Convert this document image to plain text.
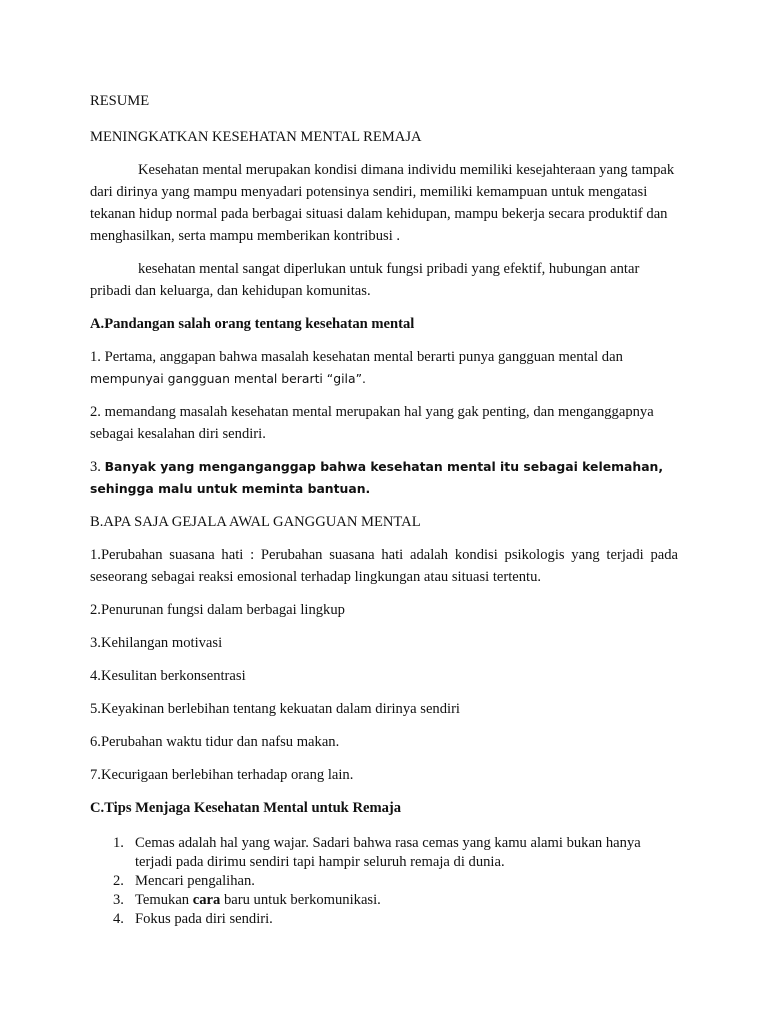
RESUME

MENINGKATKAN KESEHATAN MENTAL REMAJA

Kesehatan mental merupakan kondisi dimana individu memiliki kesejahteraan yang tampak dari dirinya yang mampu menyadari potensinya sendiri, memiliki kemampuan untuk mengatasi tekanan hidup normal pada berbagai situasi dalam kehidupan, mampu bekerja secara produktif dan menghasilkan, serta mampu memberikan kontribusi .

kesehatan mental sangat diperlukan untuk fungsi pribadi yang efektif, hubungan antar pribadi dan keluarga, dan kehidupan komunitas.

A.Pandangan salah orang tentang kesehatan mental

1. Pertama, anggapan bahwa masalah kesehatan mental berarti punya gangguan mental dan
mempunyai gangguan mental berarti “gila”.

2. memandang masalah kesehatan mental merupakan hal yang gak penting, dan menganggapnya sebagai kesalahan diri sendiri.

3. Banyak yang menganganggap bahwa kesehatan mental itu sebagai kelemahan, sehingga malu untuk meminta bantuan.

B.APA SAJA GEJALA AWAL GANGGUAN MENTAL

1.Perubahan suasana hati : Perubahan suasana hati adalah kondisi psikologis yang terjadi pada seseorang sebagai reaksi emosional terhadap lingkungan atau situasi tertentu.

2.Penurunan fungsi dalam berbagai lingkup

3.Kehilangan motivasi

4.Kesulitan berkonsentrasi

5.Keyakinan berlebihan tentang kekuatan dalam dirinya sendiri

6.Perubahan waktu tidur dan nafsu makan.

7.Kecurigaan berlebihan terhadap orang lain.

C.Tips Menjaga Kesehatan Mental untuk Remaja

1. Cemas adalah hal yang wajar. Sadari bahwa rasa cemas yang kamu alami bukan hanya terjadi pada dirimu sendiri tapi hampir seluruh remaja di dunia.
2. Mencari pengalihan.
3. Temukan cara baru untuk berkomunikasi.
4. Fokus pada diri sendiri.
